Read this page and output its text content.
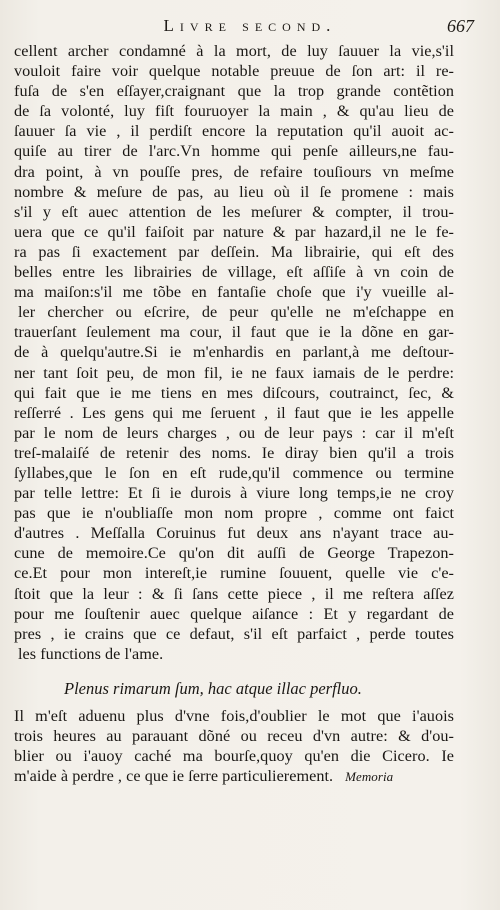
Livre second.	667
cellent archer condamné à la mort, de luy ſauuer la vie,s'il
vouloit faire voir quelque notable preuue de ſon art: il re-
fuſa de s'en eſſayer,craignant que la trop grande contẽtion
de ſa volonté, luy fiſt fouruoyer la main , & qu'au lieu de
ſauuer ſa vie , il perdiſt encore la reputation qu'il auoit ac-
quiſe au tirer de l'arc.Vn homme qui penſe ailleurs,ne fau-
dra point, à vn pouſſe pres, de refaire touſiours vn meſme
nombre & meſure de pas, au lieu où il ſe promene : mais
s'il y eſt auec attention de les meſurer & compter, il trou-
uera que ce qu'il faiſoit par nature & par hazard,il ne le fe-
ra pas ſi exactement par deſſein. Ma librairie, qui eſt des
belles entre les librairies de village, eſt aſſiſe à vn coin de
ma maiſon:s'il me tõbe en fantaſie choſe que i'y vueille al-
ler chercher ou eſcrire, de peur qu'elle ne m'eſchappe en
trauerſant ſeulement ma cour, il faut que ie la dõne en gar-
de à quelqu'autre.Si ie m'enhardis en parlant,à me deſtour-
ner tant ſoit peu, de mon fil, ie ne faux iamais de le perdre:
qui fait que ie me tiens en mes diſcours, coutrainct, ſec, &
reſſerré . Les gens qui me ſeruent , il faut que ie les appelle
par le nom de leurs charges , ou de leur pays : car il m'eſt
treſ-malaiſé de retenir des noms. Ie diray bien qu'il a trois
ſyllabes,que le ſon en eſt rude,qu'il commence ou termine
par telle lettre: Et ſi ie durois à viure long temps,ie ne croy
pas que ie n'oubliaſſe mon nom propre , comme ont faict
d'autres . Meſſalla Coruinus fut deux ans n'ayant trace au-
cune de memoire.Ce qu'on dit auſſi de George Trapezon-
ce.Et pour mon intereſt,ie rumine ſouuent, quelle vie c'e-
ſtoit que la leur : & ſi ſans cette piece , il me reſtera aſſez
pour me ſouſtenir auec quelque aiſance : Et y regardant de
pres , ie crains que ce defaut, s'il eſt parfaict , perde toutes
les functions de l'ame.
Plenus rimarum ſum, hac atque illac perfluo.
Il m'eſt aduenu plus d'vne fois,d'oublier le mot que i'auois
trois heures au parauant dõné ou receu d'vn autre: & d'ou-
blier ou i'auoy caché ma bourſe,quoy qu'en die Cicero. Ie
m'aide à perdre , ce que ie ſerre particulierement. Memoria
